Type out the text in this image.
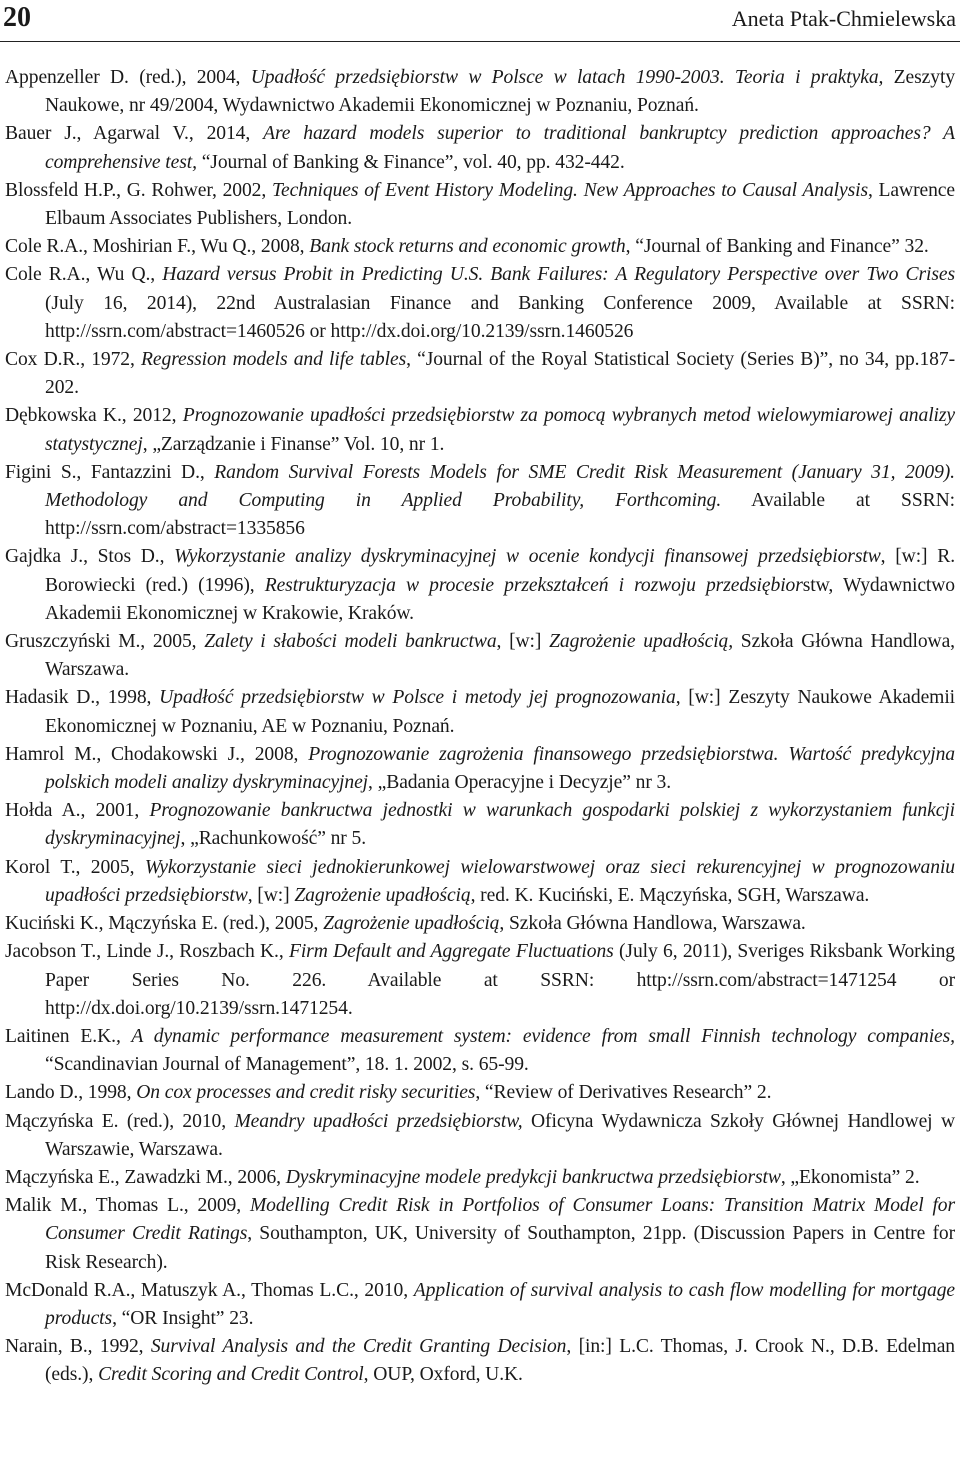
20	Aneta Ptak-Chmielewska
Appenzeller D. (red.), 2004, Upadłość przedsiębiorstw w Polsce w latach 1990-2003. Teoria i praktyka, Zeszyty Naukowe, nr 49/2004, Wydawnictwo Akademii Ekonomicznej w Poznaniu, Poznań.
Bauer J., Agarwal V., 2014, Are hazard models superior to traditional bankruptcy prediction approaches? A comprehensive test, “Journal of Banking & Finance”, vol. 40, pp. 432-442.
Blossfeld H.P., G. Rohwer, 2002, Techniques of Event History Modeling. New Approaches to Causal Analysis, Lawrence Elbaum Associates Publishers, London.
Cole R.A., Moshirian F., Wu Q., 2008, Bank stock returns and economic growth, “Journal of Banking and Finance” 32.
Cole R.A., Wu Q., Hazard versus Probit in Predicting U.S. Bank Failures: A Regulatory Perspective over Two Crises (July 16, 2014), 22nd Australasian Finance and Banking Conference 2009, Available at SSRN: http://ssrn.com/abstract=1460526 or http://dx.doi.org/10.2139/ssrn.1460526
Cox D.R., 1972, Regression models and life tables, “Journal of the Royal Statistical Society (Series B)”, no 34, pp.187-202.
Dębkowska K., 2012, Prognozowanie upadłości przedsiębiorstw za pomocą wybranych metod wielowymiarowej analizy statystycznej, „Zarządzanie i Finanse” Vol. 10, nr 1.
Figini S., Fantazzini D., Random Survival Forests Models for SME Credit Risk Measurement (January 31, 2009). Methodology and Computing in Applied Probability, Forthcoming. Available at SSRN: http://ssrn.com/abstract=1335856
Gajdka J., Stos D., Wykorzystanie analizy dyskryminacyjnej w ocenie kondycji finansowej przedsiębiorstw, [w:] R. Borowiecki (red.) (1996), Restrukturyzacja w procesie przekształceń i rozwoju przedsiębiorstw, Wydawnictwo Akademii Ekonomicznej w Krakowie, Kraków.
Gruszczyński M., 2005, Zalety i słabości modeli bankructwa, [w:] Zagrożenie upadłością, Szkoła Główna Handlowa, Warszawa.
Hadasik D., 1998, Upadłość przedsiębiorstw w Polsce i metody jej prognozowania, [w:] Zeszyty Naukowe Akademii Ekonomicznej w Poznaniu, AE w Poznaniu, Poznań.
Hamrol M., Chodakowski J., 2008, Prognozowanie zagrożenia finansowego przedsiębiorstwa. Wartość predykcyjna polskich modeli analizy dyskryminacyjnej, „Badania Operacyjne i Decyzje” nr 3.
Hołda A., 2001, Prognozowanie bankructwa jednostki w warunkach gospodarki polskiej z wykorzystaniem funkcji dyskryminacyjnej, „Rachunkowość” nr 5.
Korol T., 2005, Wykorzystanie sieci jednokierunkowej wielowarstwowej oraz sieci rekurencyjnej w prognozowaniu upadłości przedsiębiorstw, [w:] Zagrożenie upadłością, red. K. Kuciński, E. Mączyńska, SGH, Warszawa.
Kuciński K., Mączyńska E. (red.), 2005, Zagrożenie upadłością, Szkoła Główna Handlowa, Warszawa.
Jacobson T., Linde J., Roszbach K., Firm Default and Aggregate Fluctuations (July 6, 2011), Sveriges Riksbank Working Paper Series No. 226. Available at SSRN: http://ssrn.com/abstract=1471254 or http://dx.doi.org/10.2139/ssrn.1471254.
Laitinen E.K., A dynamic performance measurement system: evidence from small Finnish technology companies, “Scandinavian Journal of Management”, 18. 1. 2002, s. 65-99.
Lando D., 1998, On cox processes and credit risky securities, “Review of Derivatives Research” 2.
Mączyńska E. (red.), 2010, Meandry upadłości przedsiębiorstw, Oficyna Wydawnicza Szkoły Głównej Handlowej w Warszawie, Warszawa.
Mączyńska E., Zawadzki M., 2006, Dyskryminacyjne modele predykcji bankructwa przedsiębiorstw, „Ekonomista” 2.
Malik M., Thomas L., 2009, Modelling Credit Risk in Portfolios of Consumer Loans: Transition Matrix Model for Consumer Credit Ratings, Southampton, UK, University of Southampton, 21pp. (Discussion Papers in Centre for Risk Research).
McDonald R.A., Matuszyk A., Thomas L.C., 2010, Application of survival analysis to cash flow modelling for mortgage products, “OR Insight” 23.
Narain, B., 1992, Survival Analysis and the Credit Granting Decision, [in:] L.C. Thomas, J. Crook N., D.B. Edelman (eds.), Credit Scoring and Credit Control, OUP, Oxford, U.K.
